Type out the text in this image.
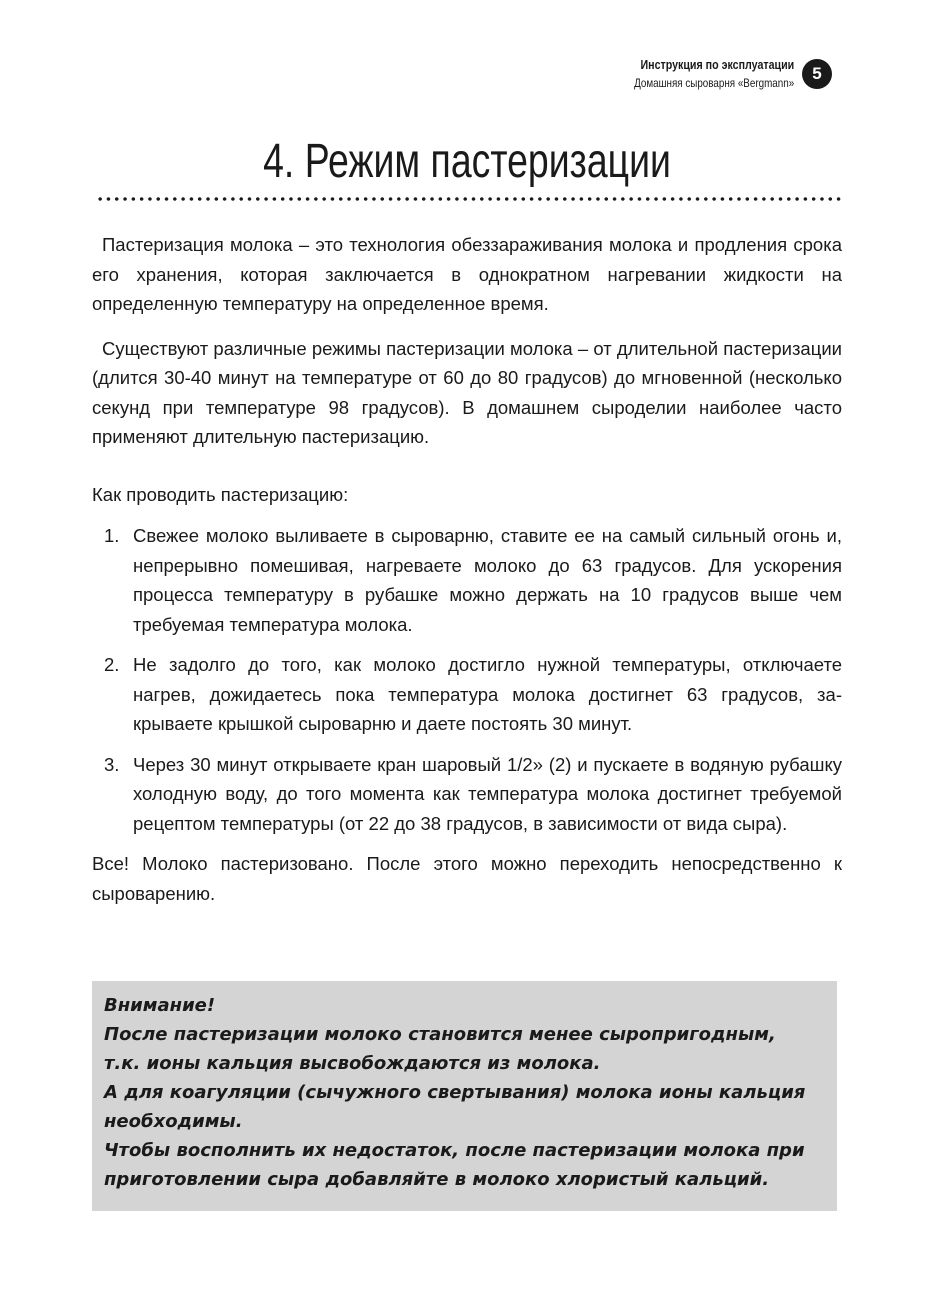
Инструкция по эксплуатации
Домашняя сыроварня «Bergmann»	5
4. Режим пастеризации

Пастеризация молока – это технология обеззараживания молока и продления срока его хранения, которая заключается в однократном нагревании жидкости на определенную температуру на определенное время.

Существуют различные режимы пастеризации молока – от длительной пастеризации (длится 30-40 минут на температуре от 60 до 80 градусов) до мгновенной (несколько секунд при температуре 98 градусов). В домашнем сыроделии наиболее часто применяют длительную пастеризацию.

Как проводить пастеризацию:

1. Свежее молоко выливаете в сыроварню, ставите ее на самый сильный огонь и, непрерывно помешивая, нагреваете молоко до 63 градусов. Для ускорения процесса температуру в рубашке можно держать на 10 градусов выше чем требуемая температура молока.
2. Не задолго до того, как молоко достигло нужной температуры, отключаете нагрев, дожидаетесь пока температура молока достигнет 63 градусов, закрываете крышкой сыроварню и даете постоять 30 минут.
3. Через 30 минут открываете кран шаровый 1/2» (2) и пускаете в водяную рубашку холодную воду, до того момента как температура молока достигнет требуемой рецептом температуры (от 22 до 38 градусов, в зависимости от вида сыра).

Все! Молоко пастеризовано. После этого можно переходить непосредственно к сыроварению.

Внимание!
После пастеризации молоко становится менее сыропригодным,
т.к. ионы кальция высвобождаются из молока.
А для коагуляции (сычужного свертывания) молока ионы кальция
необходимы.
Чтобы восполнить их недостаток, после пастеризации молока при
приготовлении сыра добавляйте в молоко хлористый кальций.
